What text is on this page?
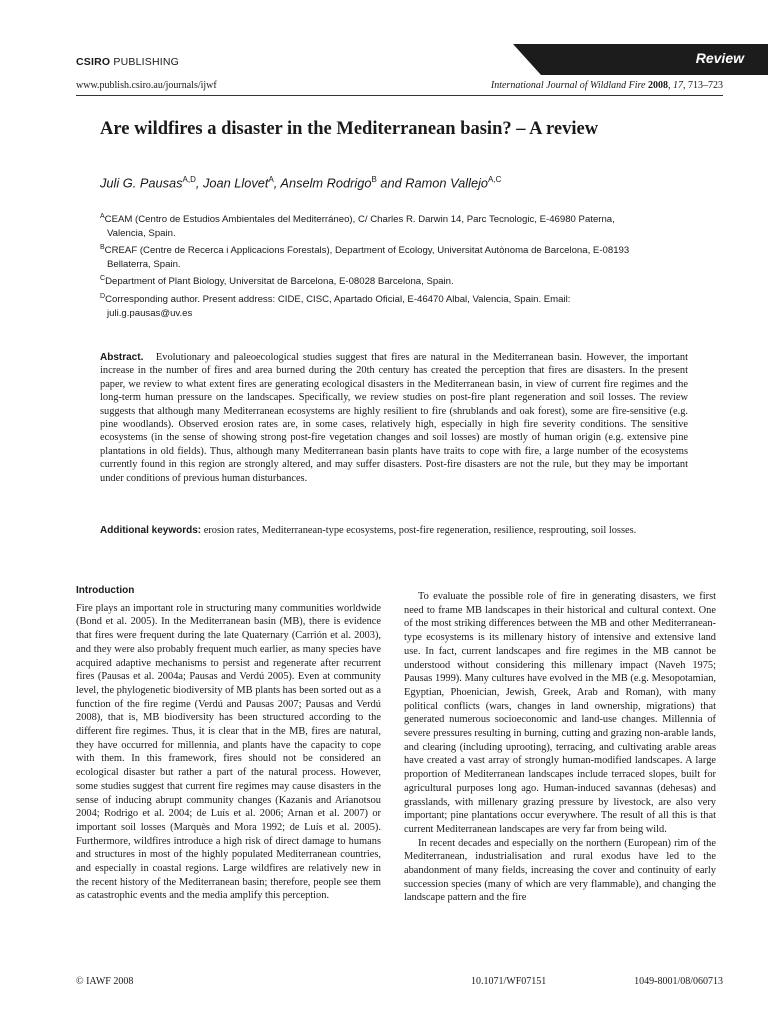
CSIRO PUBLISHING	Review
www.publish.csiro.au/journals/ijwf	International Journal of Wildland Fire 2008, 17, 713–723
Are wildfires a disaster in the Mediterranean basin? – A review
Juli G. Pausas$^{A,D}$, Joan Llovet$^A$, Anselm Rodrigo$^B$ and Ramon Vallejo$^{A,C}$

$^A$CEAM (Centro de Estudios Ambientales del Mediterráneo), C/ Charles R. Darwin 14, Parc Tecnologic, E-46980 Paterna, Valencia, Spain.

$^B$CREAF (Centre de Recerca i Applicacions Forestals), Department of Ecology, Universitat Autònoma de Barcelona, E-08193 Bellaterra, Spain.

$^C$Department of Plant Biology, Universitat de Barcelona, E-08028 Barcelona, Spain.

$^D$Corresponding author. Present address: CIDE, CISC, Apartado Oficial, E-46470 Albal, Valencia, Spain. Email: juli.g.pausas@uv.es

Abstract. Evolutionary and paleoecological studies suggest that fires are natural in the Mediterranean basin. However, the important increase in the number of fires and area burned during the 20th century has created the perception that fires are disasters. In the present paper, we review to what extent fires are generating ecological disasters in the Mediterranean basin, in view of current fire regimes and the long-term human pressure on the landscapes. Specifically, we review studies on post-fire plant regeneration and soil losses. The review suggests that although many Mediterranean ecosystems are highly resilient to fire (shrublands and oak forest), some are fire-sensitive (e.g. pine woodlands). Observed erosion rates are, in some cases, relatively high, especially in high fire severity conditions. The sensitive ecosystems (in the sense of showing strong post-fire vegetation changes and soil losses) are mostly of human origin (e.g. extensive pine plantations in old fields). Thus, although many Mediterranean basin plants have traits to cope with fire, a large number of the ecosystems currently found in this region are strongly altered, and may suffer disasters. Post-fire disasters are not the rule, but they may be important under conditions of previous human disturbances.
Additional keywords: erosion rates, Mediterranean-type ecosystems, post-fire regeneration, resilience, resprouting, soil losses.
Introduction

Fire plays an important role in structuring many communities worldwide (Bond et al. 2005). In the Mediterranean basin (MB), there is evidence that fires were frequent during the late Quaternary (Carrión et al. 2003), and they were also probably frequent much earlier, as many species have acquired adaptive mechanisms to persist and regenerate after recurrent fires (Pausas et al. 2004a; Pausas and Verdú 2005). Even at community level, the phylogenetic biodiversity of MB plants has been sorted out as a function of the fire regime (Verdú and Pausas 2007; Pausas and Verdú 2008), that is, MB biodiversity has been structured according to the different fire regimes. Thus, it is clear that in the MB, fires are natural, they have occurred for millennia, and plants have the capacity to cope with them. In this framework, fires should not be considered an ecological disaster but rather a part of the natural process. However, some studies suggest that current fire regimes may cause disasters in the sense of inducing abrupt community changes (Kazanis and Arianotsou 2004; Rodrigo et al. 2004; de Luís et al. 2006; Arnan et al. 2007) or important soil losses (Marquès and Mora 1992; de Luís et al. 2005). Furthermore, wildfires introduce a high risk of direct damage to humans and structures in most of the highly populated Mediterranean countries, and especially in coastal regions. Large wildfires are relatively new in the recent history of the Mediterranean basin; therefore, people see them as catastrophic events and the media amplify this perception.

To evaluate the possible role of fire in generating disasters, we first need to frame MB landscapes in their historical and cultural context. One of the most striking differences between the MB and other Mediterranean-type ecosystems is its millenary history of intensive and extensive land use. In fact, current landscapes and fire regimes in the MB cannot be understood without considering this millenary impact (Naveh 1975; Pausas 1999). Many cultures have evolved in the MB (e.g. Mesopotamian, Egyptian, Phoenician, Jewish, Greek, Arab and Roman), with many political conflicts (wars, changes in land ownership, migrations) that generated numerous socioeconomic and land-use changes. Millennia of severe pressures resulting in burning, cutting and grazing non-arable lands, and clearing (including uprooting), terracing, and cultivating arable areas have created a vast array of strongly human-modified landscapes. A large proportion of Mediterranean landscapes include terraced slopes, built for agricultural purposes long ago. Human-induced savannas (dehesas) and grasslands, with millenary grazing pressure by livestock, are also very important; pine plantations occur everywhere. The result of all this is that current Mediterranean landscapes are very far from being wild.

In recent decades and especially on the northern (European) rim of the Mediterranean, industrialisation and rural exodus have led to the abandonment of many fields, increasing the cover and continuity of early succession species (many of which are very flammable), and changing the landscape pattern and the fire

© IAWF 2008	10.1071/WF07151	1049-8001/08/060713
